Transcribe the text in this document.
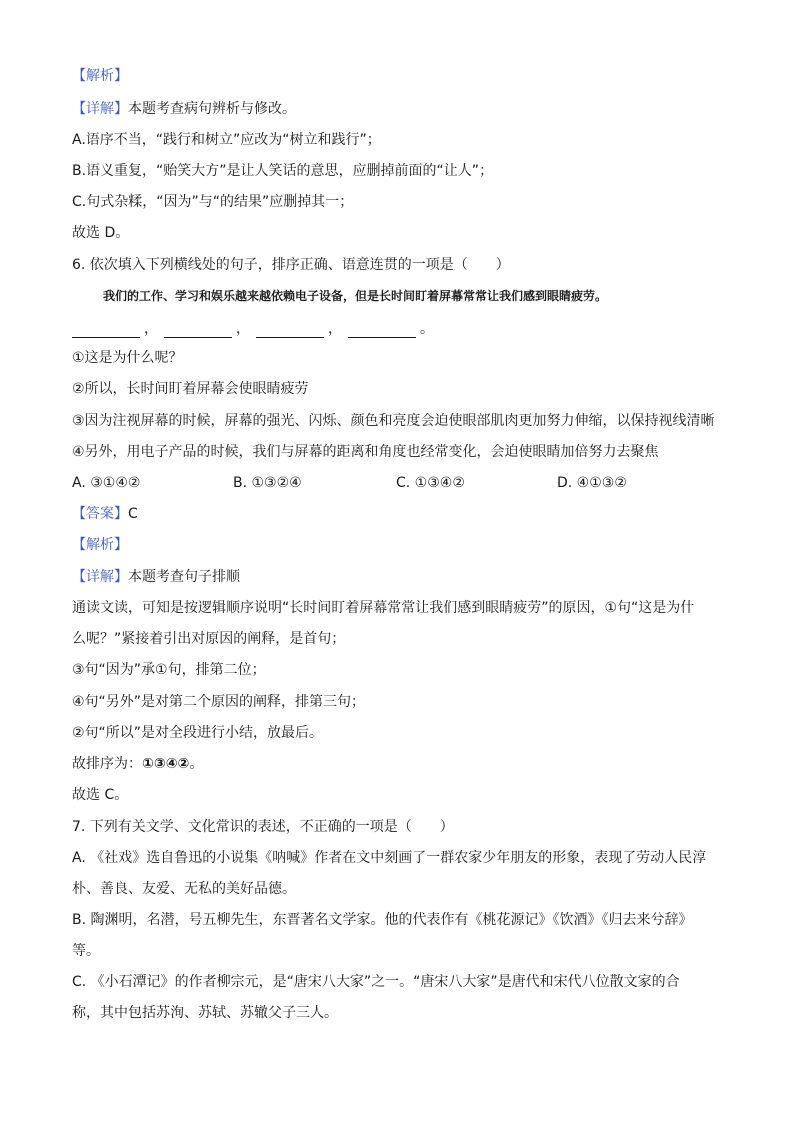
【解析】
【详解】本题考查病句辨析与修改。
A.语序不当，“践行和树立”应改为“树立和践行”；
B.语义重复，“贻笑大方”是让人笑话的意思，应删掉前面的“让人”；
C.句式杂糅，“因为”与“的结果”应删掉其一；
故选 D。
6. 依次填入下列横线处的句子，排序正确、语意连贯的一项是（　　）
我们的工作、学习和娱乐越来越依赖电子设备，但是长时间盯着屏幕常常让我们感到眼睛疲劳。
，	，	，	。
①这是为什么呢？
②所以，长时间盯着屏幕会使眼睛疲劳
③因为注视屏幕的时候，屏幕的强光、闪烁、颜色和亮度会迫使眼部肌肉更加努力伸缩，以保持视线清晰
④另外，用电子产品的时候，我们与屏幕的距离和角度也经常变化，会迫使眼睛加倍努力去聚焦
A. ③①④②	B. ①③②④	C. ①③④②	D. ④①③②
【答案】C
【解析】
【详解】本题考查句子排顺
通读文读，可知是按逻辑顺序说明“长时间盯着屏幕常常让我们感到眼睛疲劳”的原因，①句“这是为什
么呢？”紧接着引出对原因的阐释，是首句；
③句“因为”承①句，排第二位；
④句“另外”是对第二个原因的阐释，排第三句；
②句“所以”是对全段进行小结，放最后。
故排序为：①③④②。
故选 C。
7. 下列有关文学、文化常识的表述，不正确的一项是（　　）
A. 《社戏》选自鲁迅的小说集《呐喊》作者在文中刻画了一群农家少年朋友的形象，表现了劳动人民淳
朴、善良、友爱、无私的美好品德。
B. 陶渊明，名潜，号五柳先生，东晋著名文学家。他的代表作有《桃花源记》《饮酒》《归去来兮辞》
等。
C. 《小石潭记》的作者柳宗元，是“唐宋八大家”之一。“唐宋八大家”是唐代和宋代八位散文家的合
称，其中包括苏洵、苏轼、苏辙父子三人。
